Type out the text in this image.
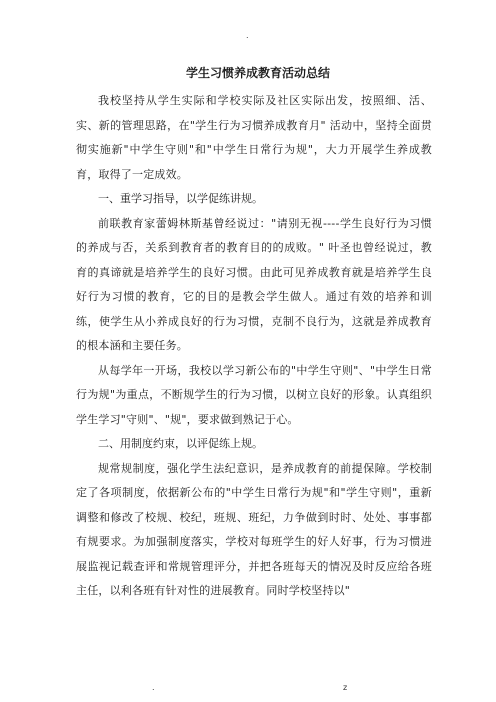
.
学生习惯养成教育活动总结

我校坚持从学生实际和学校实际及社区实际出发，按照细、活、实、新的管理思路，在"学生行为习惯养成教育月" 活动中，坚持全面贯彻实施新"中学生守则"和"中学生日常行为规"，大力开展学生养成教育，取得了一定成效。

一、重学习指导，以学促练讲规。

前联教育家蕾姆林斯基曾经说过："请别无视----学生良好行为习惯的养成与否，关系到教育者的教育目的的成败。" 叶圣也曾经说过，教育的真谛就是培养学生的良好习惯。由此可见养成教育就是培养学生良好行为习惯的教育，它的目的是教会学生做人。通过有效的培养和训练，使学生从小养成良好的行为习惯，克制不良行为，这就是养成教育的根本涵和主要任务。

从每学年一开场，我校以学习新公布的"中学生守则"、"中学生日常行为规"为重点，不断规学生的行为习惯，以树立良好的形象。认真组织学生学习"守则"、"规"，要求做到熟记于心。

二、用制度约束，以评促练上规。

规常规制度，强化学生法纪意识，是养成教育的前提保障。学校制定了各项制度，依据新公布的"中学生日常行为规"和"学生守则"，重新调整和修改了校规、校纪，班规、班纪，力争做到时时、处处、事事都有规要求。为加强制度落实，学校对每班学生的好人好事，行为习惯进展监视记载查评和常规管理评分，并把各班每天的情况及时反应给各班主任，以利各班有针对性的进展教育。同时学校坚持以"

.	z
